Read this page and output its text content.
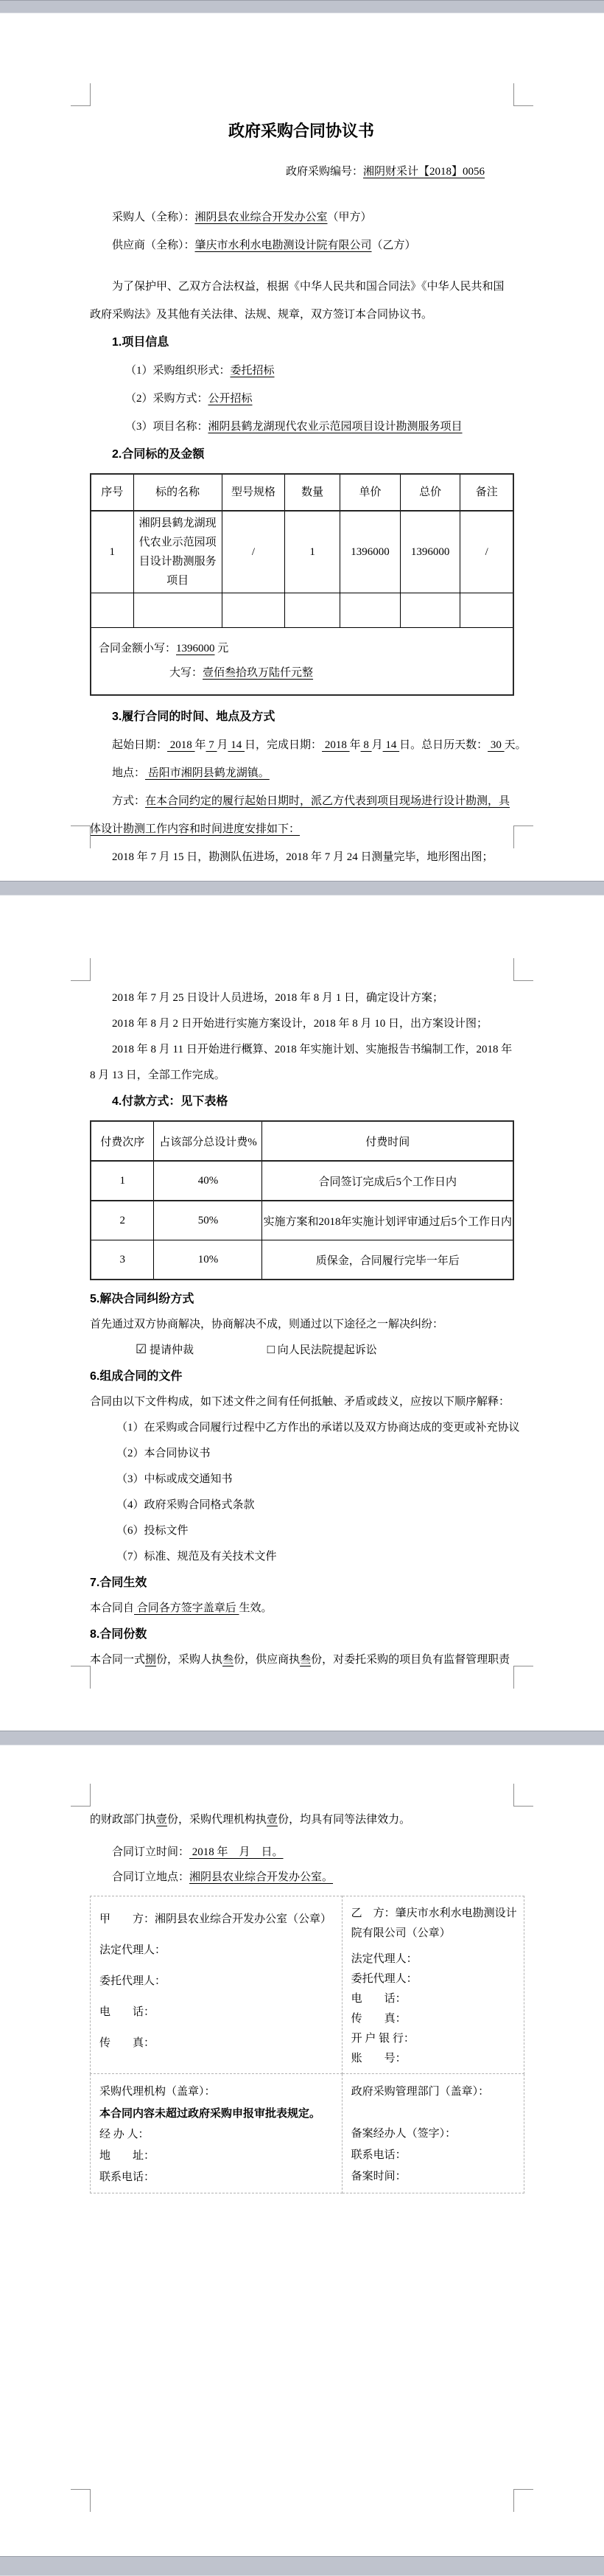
政府采购合同协议书

政府采购编号：湘阴财采计【2018】0056

采购人（全称）：湘阴县农业综合开发办公室（甲方）

供应商（全称）：肇庆市水利水电勘测设计院有限公司（乙方）

为了保护甲、乙双方合法权益，根据《中华人民共和国合同法》《中华人民共和国政府采购法》及其他有关法律、法规、规章，双方签订本合同协议书。

1.项目信息

（1）采购组织形式：委托招标

（2）采购方式：公开招标

（3）项目名称：湘阴县鹤龙湖现代农业示范园项目设计勘测服务项目

2.合同标的及金额

序号	标的名称	型号规格	数量	单价	总价	备注
1	湘阴县鹤龙湖现代农业示范园项目设计勘测服务项目	/	1	1396000	1396000	/

合同金额小写：1396000 元
大写：壹佰叁拾玖万陆仟元整						

3.履行合同的时间、地点及方式

起始日期： 2018 年 7 月 14 日，完成日期： 2018 年 8 月 14 日。总日历天数： 30 天。

地点： 岳阳市湘阴县鹤龙湖镇。

方式：在本合同约定的履行起始日期时，派乙方代表到项目现场进行设计勘测，具体设计勘测工作内容和时间进度安排如下：

2018 年 7 月 15 日，勘测队伍进场，2018 年 7 月 24 日测量完毕，地形图出图；

2018 年 7 月 25 日设计人员进场，2018 年 8 月 1 日，确定设计方案；

2018 年 8 月 2 日开始进行实施方案设计，2018 年 8 月 10 日，出方案设计图；

2018 年 8 月 11 日开始进行概算、2018 年实施计划、实施报告书编制工作，2018 年 8 月 13 日，全部工作完成。

4.付款方式：见下表格

付费次序	占该部分总设计费%	付费时间
1	40%	合同签订完成后5个工作日内
2	50%	实施方案和2018年实施计划评审通过后5个工作日内
3	10%	质保金，合同履行完毕一年后

5.解决合同纠纷方式

首先通过双方协商解决，协商解决不成，则通过以下途径之一解决纠纷：

☑ 提请仲裁	□ 向人民法院提起诉讼

6.组成合同的文件

合同由以下文件构成，如下述文件之间有任何抵触、矛盾或歧义，应按以下顺序解释：

（1）在采购或合同履行过程中乙方作出的承诺以及双方协商达成的变更或补充协议

（2）本合同协议书

（3）中标或成交通知书

（4）政府采购合同格式条款

（6）投标文件

（7）标准、规范及有关技术文件

7.合同生效

本合同自 合同各方签字盖章后 生效。

8.合同份数

本合同一式捌份，采购人执叁份，供应商执叁份，对委托采购的项目负有监督管理职责

的财政部门执壹份，采购代理机构执壹份，均具有同等法律效力。

合同订立时间： 2018 年　月　日。

合同订立地点：湘阴县农业综合开发办公室。

甲　　方：湘阴县农业综合开发办公室（公章）
法定代理人：
委托代理人：
电　　话：
传　　真：

乙　方：肇庆市水利水电勘测设计院有限公司（公章）
法定代理人：
委托代理人：
电　　话：
传　　真：
开 户 银 行：
账　　号：

采购代理机构（盖章）：
本合同内容未超过政府采购申报审批表规定。
经 办 人：
地　　址：
联系电话：

政府采购管理部门（盖章）：
备案经办人（签字）：
联系电话：
备案时间：
